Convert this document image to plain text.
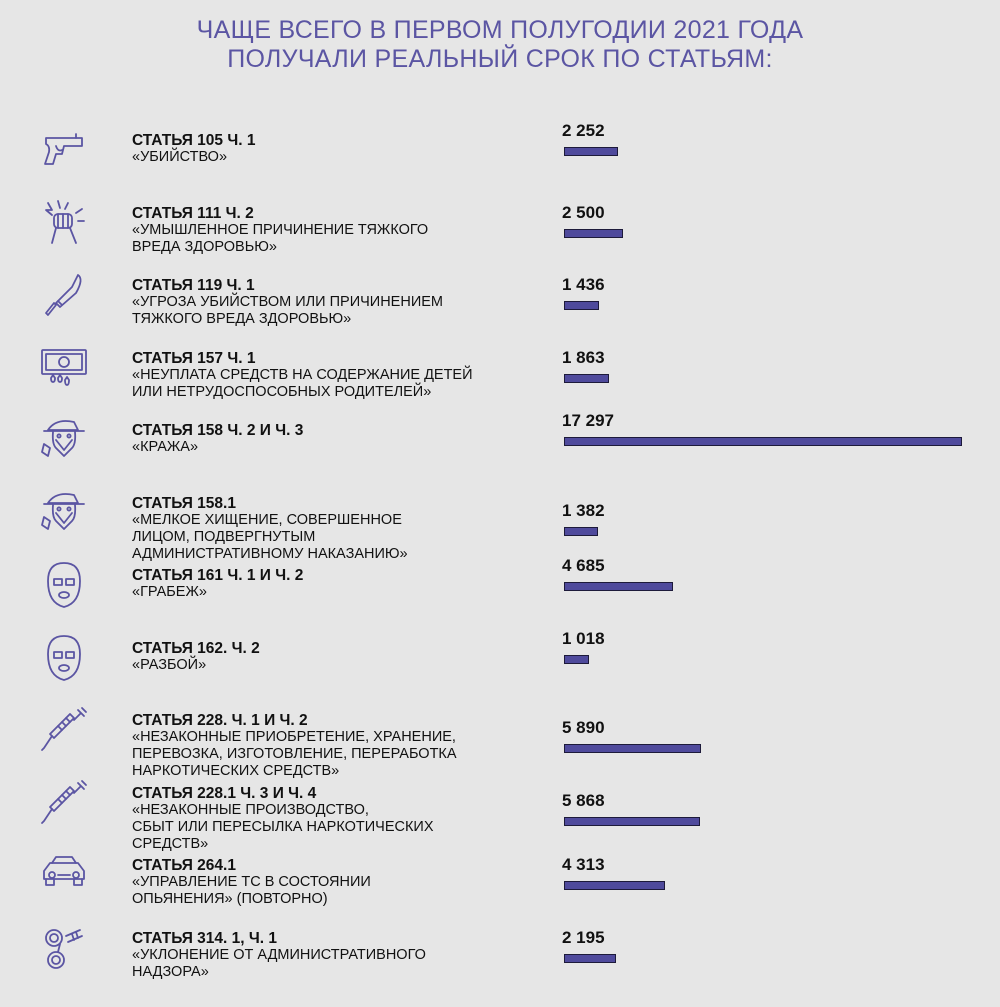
ЧАЩЕ ВСЕГО В ПЕРВОМ ПОЛУГОДИИ 2021 ГОДА
ПОЛУЧАЛИ РЕАЛЬНЫЙ СРОК ПО СТАТЬЯМ:
СТАТЬЯ 105 Ч. 1
«УБИЙСТВО»
2 252
СТАТЬЯ 111 Ч. 2
«УМЫШЛЕННОЕ ПРИЧИНЕНИЕ ТЯЖКОГО
ВРЕДА ЗДОРОВЬЮ»
2 500
СТАТЬЯ 119 Ч. 1
«УГРОЗА УБИЙСТВОМ ИЛИ ПРИЧИНЕНИЕМ
ТЯЖКОГО ВРЕДА ЗДОРОВЬЮ»
1 436
СТАТЬЯ 157 Ч. 1
«НЕУПЛАТА СРЕДСТВ НА СОДЕРЖАНИЕ ДЕТЕЙ
ИЛИ НЕТРУДОСПОСОБНЫХ РОДИТЕЛЕЙ»
1 863
СТАТЬЯ 158 Ч. 2 И Ч. 3
«КРАЖА»
17 297
СТАТЬЯ 158.1
«МЕЛКОЕ ХИЩЕНИЕ, СОВЕРШЕННОЕ
ЛИЦОМ, ПОДВЕРГНУТЫМ
АДМИНИСТРАТИВНОМУ НАКАЗАНИЮ»
1 382
СТАТЬЯ 161 Ч. 1 И Ч. 2
«ГРАБЕЖ»
4 685
СТАТЬЯ 162. Ч. 2
«РАЗБОЙ»
1 018
СТАТЬЯ 228. Ч. 1 И Ч. 2
«НЕЗАКОННЫЕ ПРИОБРЕТЕНИЕ, ХРАНЕНИЕ,
ПЕРЕВОЗКА, ИЗГОТОВЛЕНИЕ, ПЕРЕРАБОТКА
НАРКОТИЧЕСКИХ СРЕДСТВ»
5 890
СТАТЬЯ 228.1 Ч. 3 И Ч. 4
«НЕЗАКОННЫЕ ПРОИЗВОДСТВО,
СБЫТ ИЛИ ПЕРЕСЫЛКА НАРКОТИЧЕСКИХ
СРЕДСТВ»
5 868
СТАТЬЯ 264.1
«УПРАВЛЕНИЕ ТС В СОСТОЯНИИ
ОПЬЯНЕНИЯ» (ПОВТОРНО)
4 313
СТАТЬЯ 314. 1, Ч. 1
«УКЛОНЕНИЕ ОТ АДМИНИСТРАТИВНОГО
НАДЗОРА»
2 195
